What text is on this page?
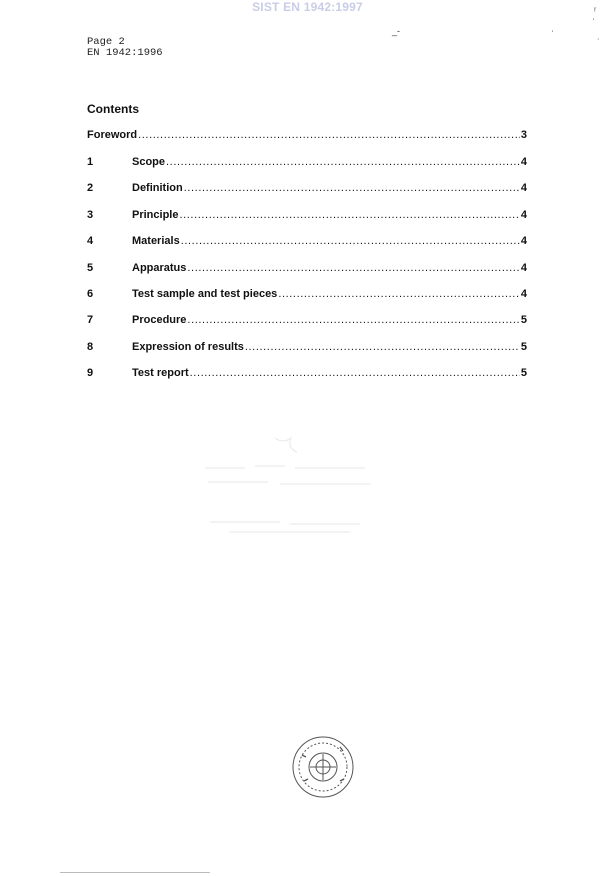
SIST EN 1942:1997
_-
ʳ
ˌ	ˈ
˙
Page 2
EN 1942:1996
Contents
Foreword .....	3
1	Scope .....	4
2	Definition .....	4
3	Principle .....	4
4	Materials .....	4
5	Apparatus .....	4
6	Test sample and test pieces .....	4
7	Procedure .....	5
8	Expression of results .....	5
9	Test report .....	5
